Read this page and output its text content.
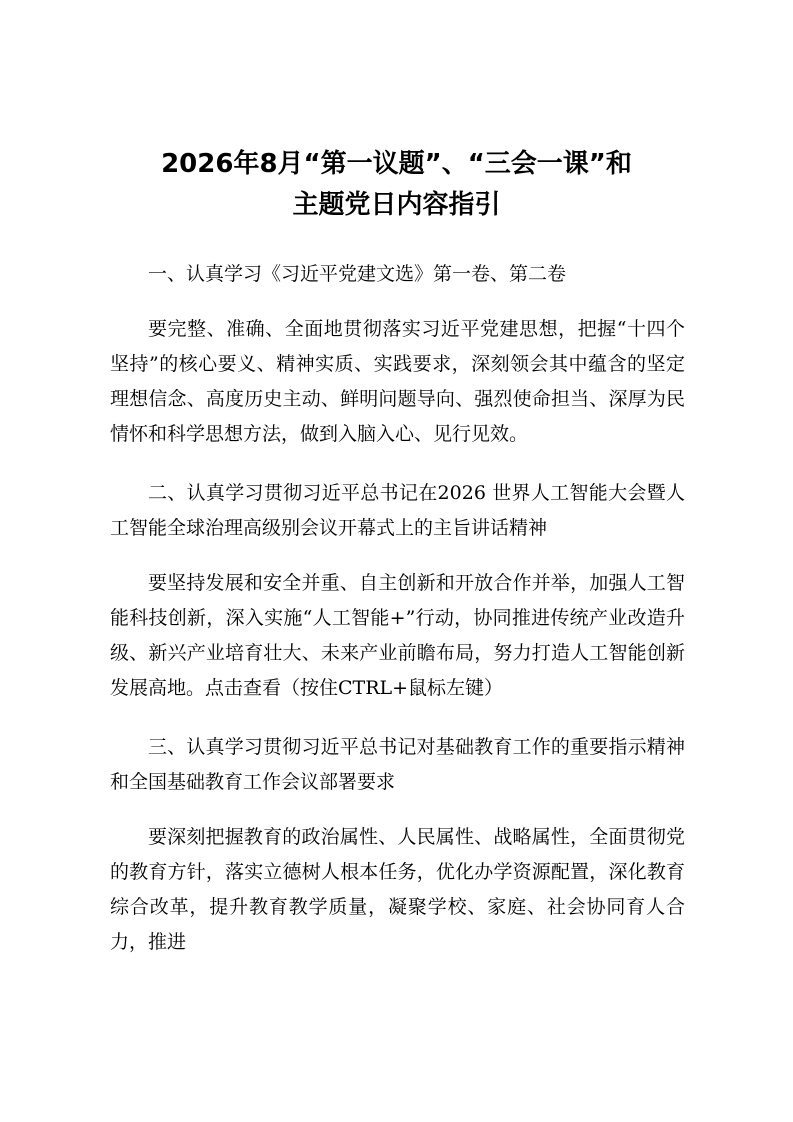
2026年8月“第一议题”、“三会一课”和
主题党日内容指引
一、认真学习《习近平党建文选》第一卷、第二卷
要完整、准确、全面地贯彻落实习近平党建思想，把握“十四个坚持”的核心要义、精神实质、实践要求，深刻领会其中蕴含的坚定理想信念、高度历史主动、鲜明问题导向、强烈使命担当、深厚为民情怀和科学思想方法，做到入脑入心、见行见效。
二、认真学习贯彻习近平总书记在2026 世界人工智能大会暨人工智能全球治理高级别会议开幕式上的主旨讲话精神
要坚持发展和安全并重、自主创新和开放合作并举，加强人工智能科技创新，深入实施“人工智能+”行动，协同推进传统产业改造升级、新兴产业培育壮大、未来产业前瞻布局，努力打造人工智能创新发展高地。点击查看（按住CTRL+鼠标左键）
三、认真学习贯彻习近平总书记对基础教育工作的重要指示精神和全国基础教育工作会议部署要求
要深刻把握教育的政治属性、人民属性、战略属性，全面贯彻党的教育方针，落实立德树人根本任务，优化办学资源配置，深化教育综合改革，提升教育教学质量，凝聚学校、家庭、社会协同育人合力，推进
